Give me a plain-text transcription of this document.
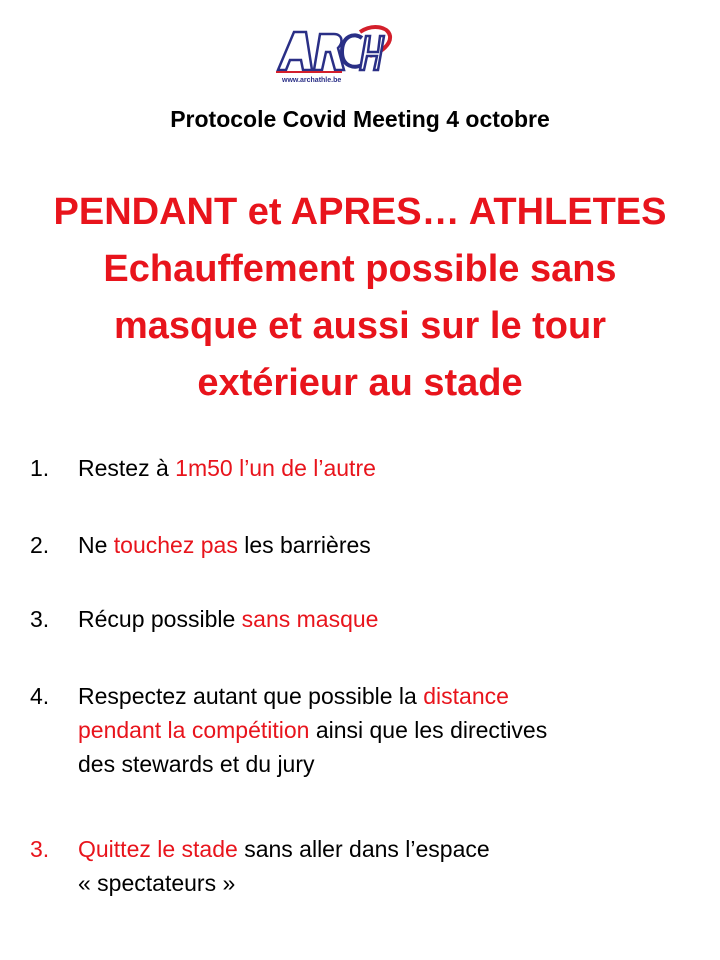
www.archathle.be
Protocole Covid Meeting 4 octobre
PENDANT et APRES… ATHLETES
Echauffement possible sans
masque et aussi sur le tour
extérieur au stade
1. Restez à 1m50 l’un de l’autre
2. Ne touchez pas les barrières
3. Récup possible sans masque
4. Respectez autant que possible la distance
pendant la compétition ainsi que les directives
des stewards et du jury
3. Quittez le stade sans aller dans l’espace
« spectateurs »
